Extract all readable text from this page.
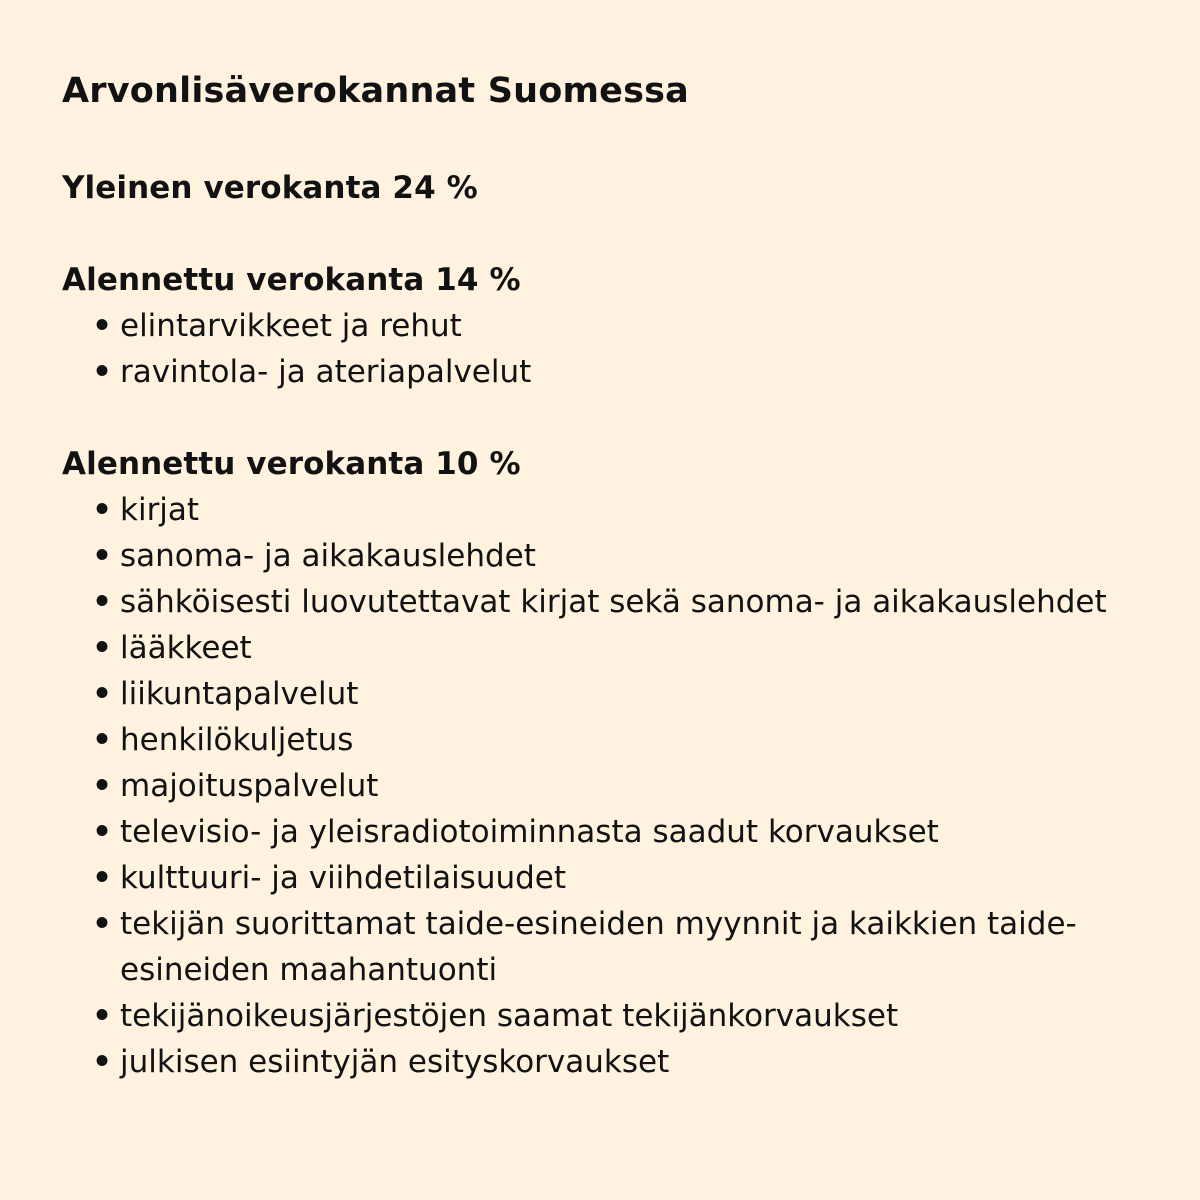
Arvonlisäverokannat Suomessa
Yleinen verokanta 24 %
Alennettu verokanta 14 %
• elintarvikkeet ja rehut
• ravintola- ja ateriapalvelut
Alennettu verokanta 10 %
• kirjat
• sanoma- ja aikakauslehdet
• sähköisesti luovutettavat kirjat sekä sanoma- ja aikakauslehdet
• lääkkeet
• liikuntapalvelut
• henkilökuljetus
• majoituspalvelut
• televisio- ja yleisradiotoiminnasta saadut korvaukset
• kulttuuri- ja viihdetilaisuudet
• tekijän suorittamat taide-esineiden myynnit ja kaikkien taide-esineiden maahantuonti
• tekijänoikeusjärjestöjen saamat tekijänkorvaukset
• julkisen esiintyjän esityskorvaukset
